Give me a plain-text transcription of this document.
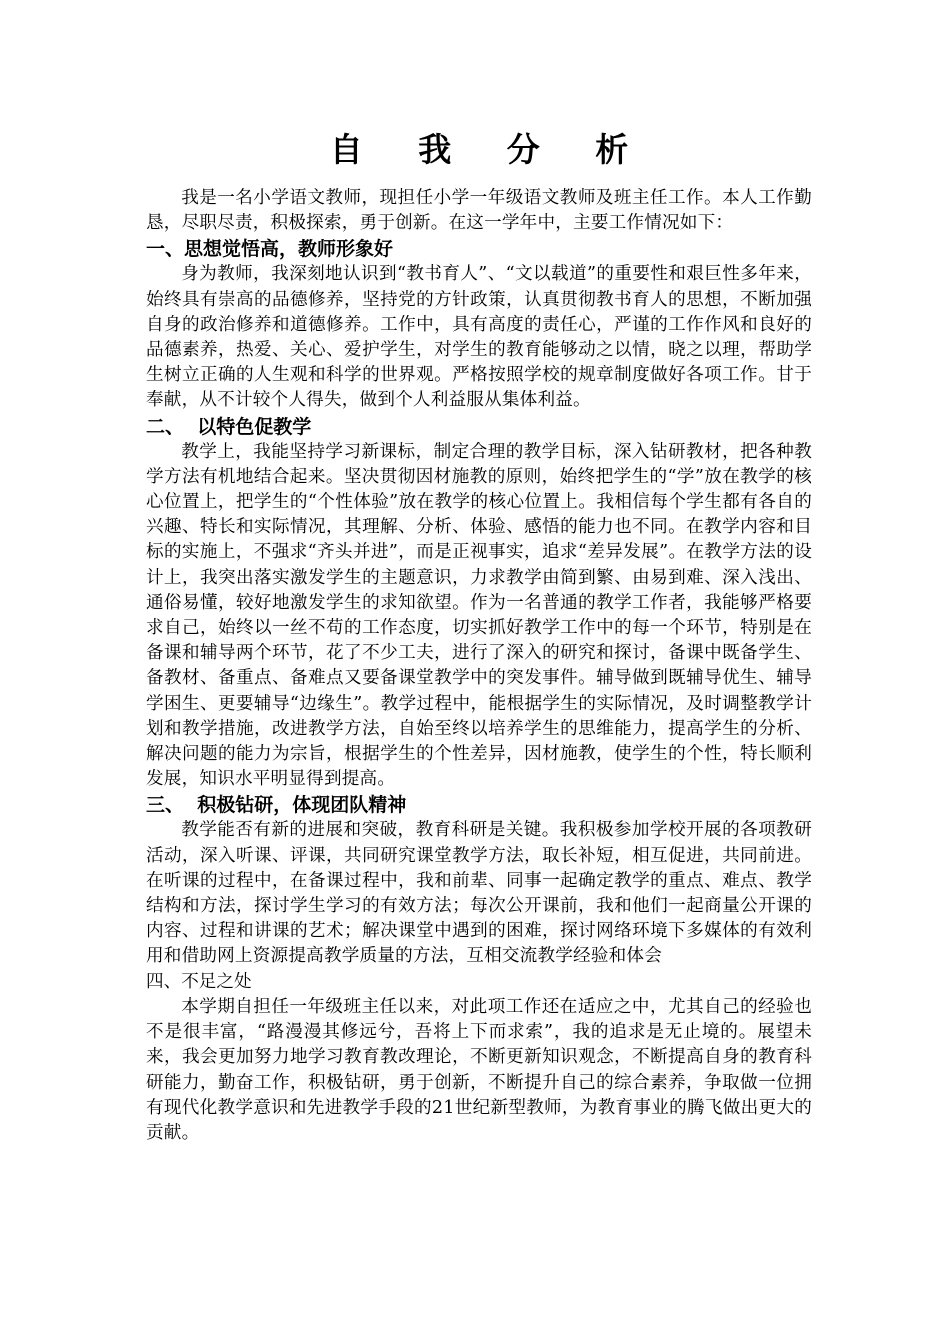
自 我 分 析

我是一名小学语文教师，现担任小学一年级语文教师及班主任工作。本人工作勤恳，尽职尽责，积极探索，勇于创新。在这一学年中，主要工作情况如下：

一、思想觉悟高，教师形象好

身为教师，我深刻地认识到“教书育人”、“文以载道”的重要性和艰巨性多年来，始终具有崇高的品德修养，坚持党的方针政策，认真贯彻教书育人的思想，不断加强自身的政治修养和道德修养。工作中，具有高度的责任心，严谨的工作作风和良好的品德素养，热爱、关心、爱护学生，对学生的教育能够动之以情，晓之以理，帮助学生树立正确的人生观和科学的世界观。严格按照学校的规章制度做好各项工作。甘于奉献，从不计较个人得失，做到个人利益服从集体利益。

二、  以特色促教学

教学上，我能坚持学习新课标，制定合理的教学目标，深入钻研教材，把各种教学方法有机地结合起来。坚决贯彻因材施教的原则，始终把学生的“学”放在教学的核心位置上，把学生的“个性体验”放在教学的核心位置上。我相信每个学生都有各自的兴趣、特长和实际情况，其理解、分析、体验、感悟的能力也不同。在教学内容和目标的实施上，不强求“齐头并进”，而是正视事实，追求“差异发展”。在教学方法的设计上，我突出落实激发学生的主题意识，力求教学由简到繁、由易到难、深入浅出、通俗易懂，较好地激发学生的求知欲望。作为一名普通的教学工作者，我能够严格要求自己，始终以一丝不苟的工作态度，切实抓好教学工作中的每一个环节，特别是在备课和辅导两个环节，花了不少工夫，进行了深入的研究和探讨，备课中既备学生、备教材、备重点、备难点又要备课堂教学中的突发事件。辅导做到既辅导优生、辅导学困生、更要辅导“边缘生”。教学过程中，能根据学生的实际情况，及时调整教学计划和教学措施，改进教学方法，自始至终以培养学生的思维能力，提高学生的分析、解决问题的能力为宗旨，根据学生的个性差异，因材施教，使学生的个性，特长顺利发展，知识水平明显得到提高。

三、  积极钻研，体现团队精神

教学能否有新的进展和突破，教育科研是关键。我积极参加学校开展的各项教研活动，深入听课、评课，共同研究课堂教学方法，取长补短，相互促进，共同前进。在听课的过程中，在备课过程中，我和前辈、同事一起确定教学的重点、难点、教学结构和方法，探讨学生学习的有效方法；每次公开课前，我和他们一起商量公开课的内容、过程和讲课的艺术；解决课堂中遇到的困难，探讨网络环境下多媒体的有效利用和借助网上资源提高教学质量的方法，互相交流教学经验和体会

四、不足之处

本学期自担任一年级班主任以来，对此项工作还在适应之中，尤其自己的经验也不是很丰富，“路漫漫其修远兮，吾将上下而求索”，我的追求是无止境的。展望未来，我会更加努力地学习教育教改理论，不断更新知识观念，不断提高自身的教育科研能力，勤奋工作，积极钻研，勇于创新，不断提升自己的综合素养，争取做一位拥有现代化教学意识和先进教学手段的21世纪新型教师，为教育事业的腾飞做出更大的贡献。
